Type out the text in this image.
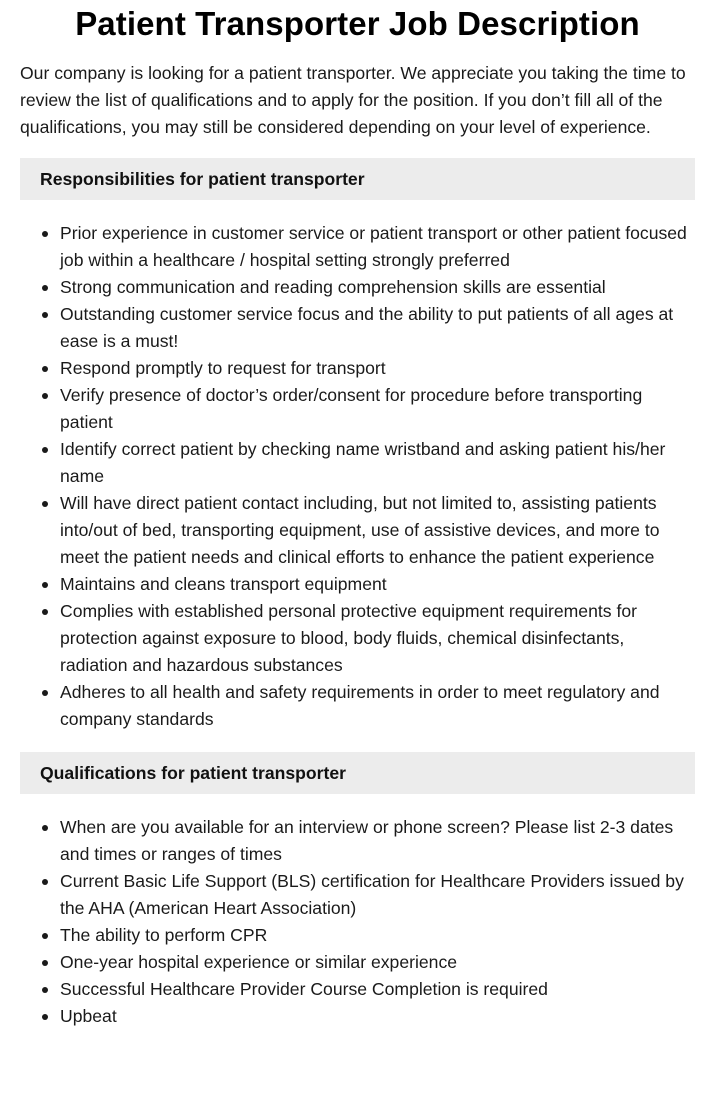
Patient Transporter Job Description

Our company is looking for a patient transporter. We appreciate you taking the time to review the list of qualifications and to apply for the position. If you don’t fill all of the qualifications, you may still be considered depending on your level of experience.

Responsibilities for patient transporter
Prior experience in customer service or patient transport or other patient focused job within a healthcare / hospital setting strongly preferred
Strong communication and reading comprehension skills are essential
Outstanding customer service focus and the ability to put patients of all ages at ease is a must!
Respond promptly to request for transport
Verify presence of doctor’s order/consent for procedure before transporting patient
Identify correct patient by checking name wristband and asking patient his/her name
Will have direct patient contact including, but not limited to, assisting patients into/out of bed, transporting equipment, use of assistive devices, and more to meet the patient needs and clinical efforts to enhance the patient experience
Maintains and cleans transport equipment
Complies with established personal protective equipment requirements for protection against exposure to blood, body fluids, chemical disinfectants, radiation and hazardous substances
Adheres to all health and safety requirements in order to meet regulatory and company standards
Qualifications for patient transporter
When are you available for an interview or phone screen? Please list 2-3 dates and times or ranges of times
Current Basic Life Support (BLS) certification for Healthcare Providers issued by the AHA (American Heart Association)
The ability to perform CPR
One-year hospital experience or similar experience
Successful Healthcare Provider Course Completion is required
Upbeat
